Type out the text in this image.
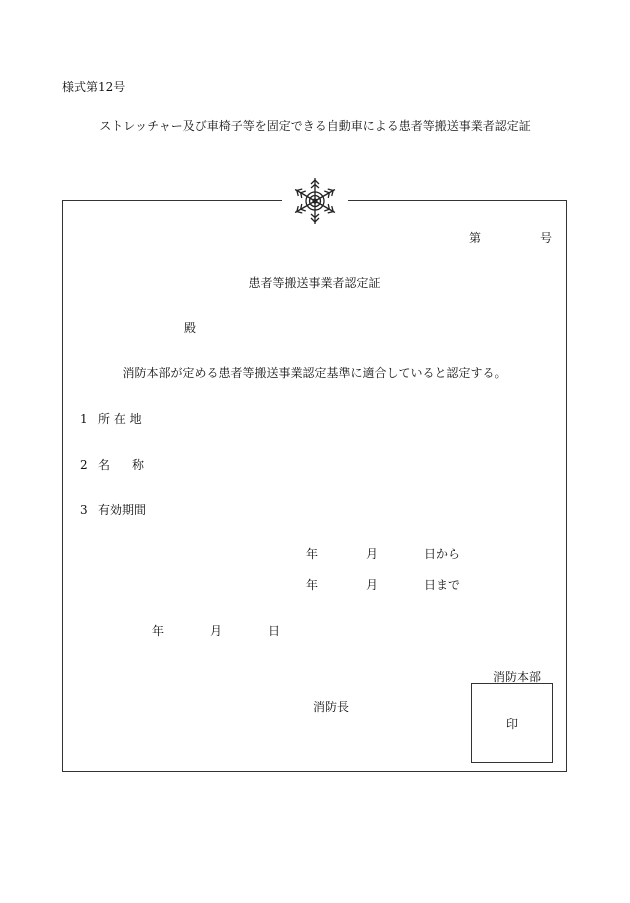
様式第12号
ストレッチャー及び車椅子等を固定できる自動車による患者等搬送事業者認定証
第	号
患者等搬送事業者認定証
殿
消防本部が定める患者等搬送事業認定基準に適合していると認定する。
1 所 在 地
2 名 称
3 有効期間
年	月	日から
年	月	日まで
年	月	日
消防本部
消防長
印
